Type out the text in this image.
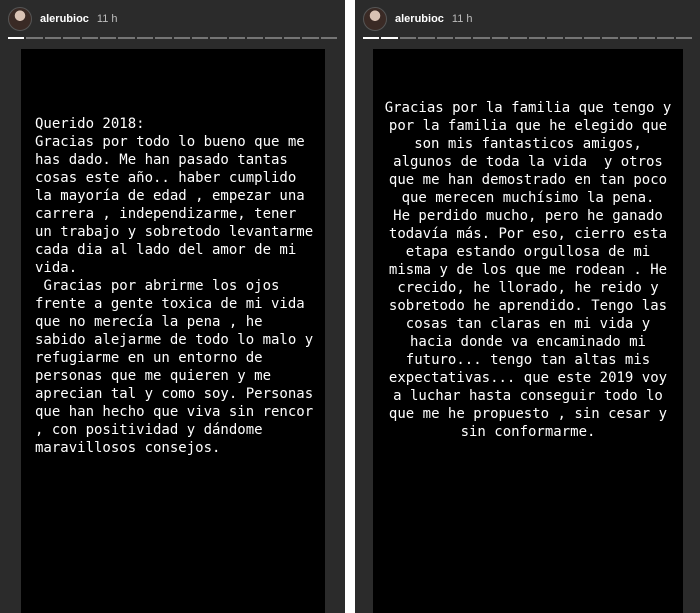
alerubioc 11 h
Querido 2018:
Gracias por todo lo bueno que me has dado. Me han pasado tantas cosas este año.. haber cumplido la mayoría de edad , empezar una carrera , independizarme, tener un trabajo y sobretodo levantarme cada dia al lado del amor de mi vida.
Gracias por abrirme los ojos frente a gente toxica de mi vida que no merecía la pena , he sabido alejarme de todo lo malo y refugiarme en un entorno de personas que me quieren y me aprecian tal y como soy. Personas que han hecho que viva sin rencor , con positividad y dándome maravillosos consejos.
alerubioc 11 h
Gracias por la familia que tengo y por la familia que he elegido que son mis fantasticos amigos, algunos de toda la vida  y otros que me han demostrado en tan poco que merecen muchísimo la pena.
He perdido mucho, pero he ganado todavía más. Por eso, cierro esta etapa estando orgullosa de mi misma y de los que me rodean . He crecido, he llorado, he reido y sobretodo he aprendido. Tengo las cosas tan claras en mi vida y hacia donde va encaminado mi futuro... tengo tan altas mis expectativas... que este 2019 voy a luchar hasta conseguir todo lo que me he propuesto , sin cesar y sin conformarme.
